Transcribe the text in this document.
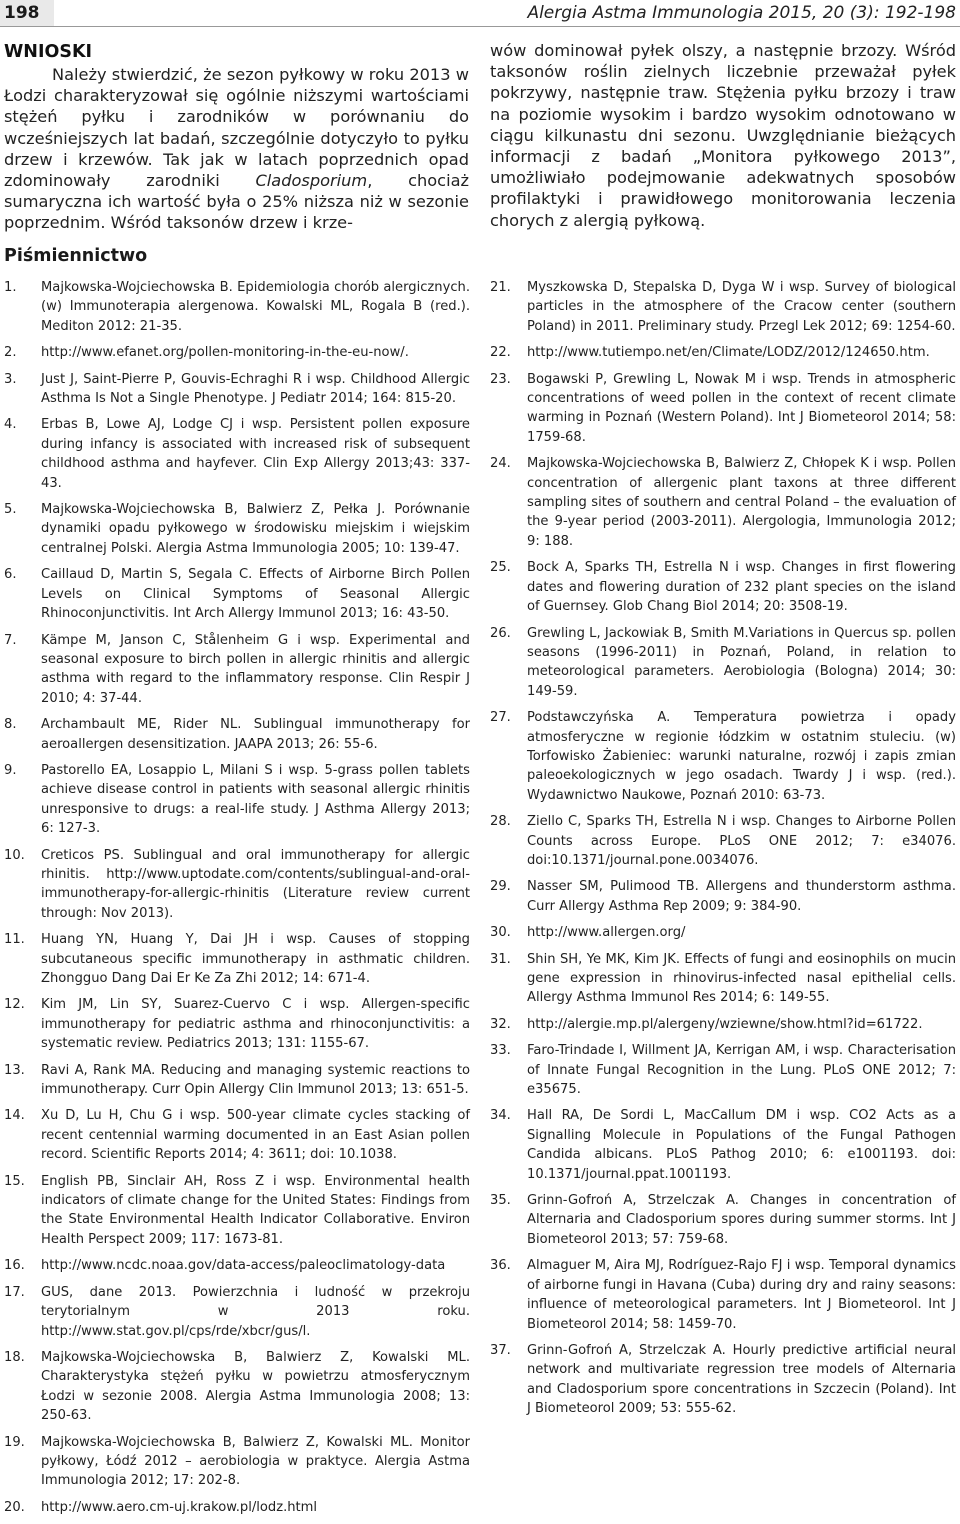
198	Alergia Astma Immunologia 2015, 20 (3): 192-198
WNIOSKI

Należy stwierdzić, że sezon pyłkowy w roku 2013 w Łodzi charakteryzował się ogólnie niższymi wartościami stężeń pyłku i zarodników w porównaniu do wcześniejszych lat badań, szczególnie dotyczyło to pyłku drzew i krzewów. Tak jak w latach poprzednich opad zdominowały zarodniki Cladosporium, chociaż sumaryczna ich wartość była o 25% niższa niż w sezonie poprzednim. Wśród taksonów drzew i krze-

wów dominował pyłek olszy, a następnie brzozy. Wśród taksonów roślin zielnych liczebnie przeważał pyłek pokrzywy, następnie traw. Stężenia pyłku brzozy i traw na poziomie wysokim i bardzo wysokim odnotowano w ciągu kilkunastu dni sezonu. Uwzględnianie bieżących informacji z badań „Monitora pyłkowego 2013”, umożliwiało podejmowanie adekwatnych sposobów profilaktyki i prawidłowego monitorowania leczenia chorych z alergią pyłkową.

Piśmiennictwo
1. Majkowska-Wojciechowska B. Epidemiologia chorób alergicznych. (w) Immunoterapia alergenowa. Kowalski ML, Rogala B (red.). Mediton 2012: 21-35.
2. http://www.efanet.org/pollen-monitoring-in-the-eu-now/.
3. Just J, Saint-Pierre P, Gouvis-Echraghi R i wsp. Childhood Allergic Asthma Is Not a Single Phenotype. J Pediatr 2014; 164: 815-20.
4. Erbas B, Lowe AJ, Lodge CJ i wsp. Persistent pollen exposure during infancy is associated with increased risk of subsequent childhood asthma and hayfever. Clin Exp Allergy 2013;43: 337-43.
5. Majkowska-Wojciechowska B, Balwierz Z, Pełka J. Porównanie dynamiki opadu pyłkowego w środowisku miejskim i wiejskim centralnej Polski. Alergia Astma Immunologia 2005; 10: 139-47.
6. Caillaud D, Martin S, Segala C. Effects of Airborne Birch Pollen Levels on Clinical Symptoms of Seasonal Allergic Rhinoconjunctivitis. Int Arch Allergy Immunol 2013; 16: 43-50.
7. Kämpe M, Janson C, Stålenheim G i wsp. Experimental and seasonal exposure to birch pollen in allergic rhinitis and allergic asthma with regard to the inflammatory response. Clin Respir J 2010; 4: 37-44.
8. Archambault ME, Rider NL. Sublingual immunotherapy for aeroallergen desensitization. JAAPA 2013; 26: 55-6.
9. Pastorello EA, Losappio L, Milani S i wsp. 5-grass pollen tablets achieve disease control in patients with seasonal allergic rhinitis unresponsive to drugs: a real-life study. J Asthma Allergy 2013; 6: 127-3.
10. Creticos PS. Sublingual and oral immunotherapy for allergic rhinitis. http://www.uptodate.com/contents/sublingual-and-oral-immunotherapy-for-allergic-rhinitis (Literature review current through: Nov 2013).
11. Huang YN, Huang Y, Dai JH i wsp. Causes of stopping subcutaneous specific immunotherapy in asthmatic children. Zhongguo Dang Dai Er Ke Za Zhi 2012; 14: 671-4.
12. Kim JM, Lin SY, Suarez-Cuervo C i wsp. Allergen-specific immunotherapy for pediatric asthma and rhinoconjunctivitis: a systematic review. Pediatrics 2013; 131: 1155-67.
13. Ravi A, Rank MA. Reducing and managing systemic reactions to immunotherapy. Curr Opin Allergy Clin Immunol 2013; 13: 651-5.
14. Xu D, Lu H, Chu G i wsp. 500-year climate cycles stacking of recent centennial warming documented in an East Asian pollen record. Scientific Reports 2014; 4: 3611; doi: 10.1038.
15. English PB, Sinclair AH, Ross Z i wsp. Environmental health indicators of climate change for the United States: Findings from the State Environmental Health Indicator Collaborative. Environ Health Perspect 2009; 117: 1673-81.
16. http://www.ncdc.noaa.gov/data-access/paleoclimatology-data
17. GUS, dane 2013. Powierzchnia i ludność w przekroju terytorialnym w 2013 roku. http://www.stat.gov.pl/cps/rde/xbcr/gus/l.
18. Majkowska-Wojciechowska B, Balwierz Z, Kowalski ML. Charakterystyka stężeń pyłku w powietrzu atmosferycznym Łodzi w sezonie 2008. Alergia Astma Immunologia 2008; 13: 250-63.
19. Majkowska-Wojciechowska B, Balwierz Z, Kowalski ML. Monitor pyłkowy, Łódź 2012 – aerobiologia w praktyce. Alergia Astma Immunologia 2012; 17: 202-8.
20. http://www.aero.cm-uj.krakow.pl/lodz.html
21. Myszkowska D, Stepalska D, Dyga W i wsp. Survey of biological particles in the atmosphere of the Cracow center (southern Poland) in 2011. Preliminary study. Przegl Lek 2012; 69: 1254-60.
22. http://www.tutiempo.net/en/Climate/LODZ/2012/124650.htm.
23. Bogawski P, Grewling L, Nowak M i wsp. Trends in atmospheric concentrations of weed pollen in the context of recent climate warming in Poznań (Western Poland). Int J Biometeorol 2014; 58: 1759-68.
24. Majkowska-Wojciechowska B, Balwierz Z, Chłopek K i wsp. Pollen concentration of allergenic plant taxons at three different sampling sites of southern and central Poland – the evaluation of the 9-year period (2003-2011). Alergologia, Immunologia 2012; 9: 188.
25. Bock A, Sparks TH, Estrella N i wsp. Changes in first flowering dates and flowering duration of 232 plant species on the island of Guernsey. Glob Chang Biol 2014; 20: 3508-19.
26. Grewling L, Jackowiak B, Smith M.Variations in Quercus sp. pollen seasons (1996-2011) in Poznań, Poland, in relation to meteorological parameters. Aerobiologia (Bologna) 2014; 30: 149-59.
27. Podstawczyńska A. Temperatura powietrza i opady atmosferyczne w regionie łódzkim w ostatnim stuleciu. (w) Torfowisko Żabieniec: warunki naturalne, rozwój i zapis zmian paleoekologicznych w jego osadach. Twardy J i wsp. (red.). Wydawnictwo Naukowe, Poznań 2010: 63-73.
28. Ziello C, Sparks TH, Estrella N i wsp. Changes to Airborne Pollen Counts across Europe. PLoS ONE 2012; 7: e34076. doi:10.1371/journal.pone.0034076.
29. Nasser SM, Pulimood TB. Allergens and thunderstorm asthma. Curr Allergy Asthma Rep 2009; 9: 384-90.
30. http://www.allergen.org/
31. Shin SH, Ye MK, Kim JK. Effects of fungi and eosinophils on mucin gene expression in rhinovirus-infected nasal epithelial cells. Allergy Asthma Immunol Res 2014; 6: 149-55.
32. http://alergie.mp.pl/alergeny/wziewne/show.html?id=61722.
33. Faro-Trindade I, Willment JA, Kerrigan AM, i wsp. Characterisation of Innate Fungal Recognition in the Lung. PLoS ONE 2012; 7: e35675.
34. Hall RA, De Sordi L, MacCallum DM i wsp. CO2 Acts as a Signalling Molecule in Populations of the Fungal Pathogen Candida albicans. PLoS Pathog 2010; 6: e1001193. doi: 10.1371/journal.ppat.1001193.
35. Grinn-Gofroń A, Strzelczak A. Changes in concentration of Alternaria and Cladosporium spores during summer storms. Int J Biometeorol 2013; 57: 759-68.
36. Almaguer M, Aira MJ, Rodríguez-Rajo FJ i wsp. Temporal dynamics of airborne fungi in Havana (Cuba) during dry and rainy seasons: influence of meteorological parameters. Int J Biometeorol. Int J Biometeorol 2014; 58: 1459-70.
37. Grinn-Gofroń A, Strzelczak A. Hourly predictive artificial neural network and multivariate regression tree models of Alternaria and Cladosporium spore concentrations in Szczecin (Poland). Int J Biometeorol 2009; 53: 555-62.
